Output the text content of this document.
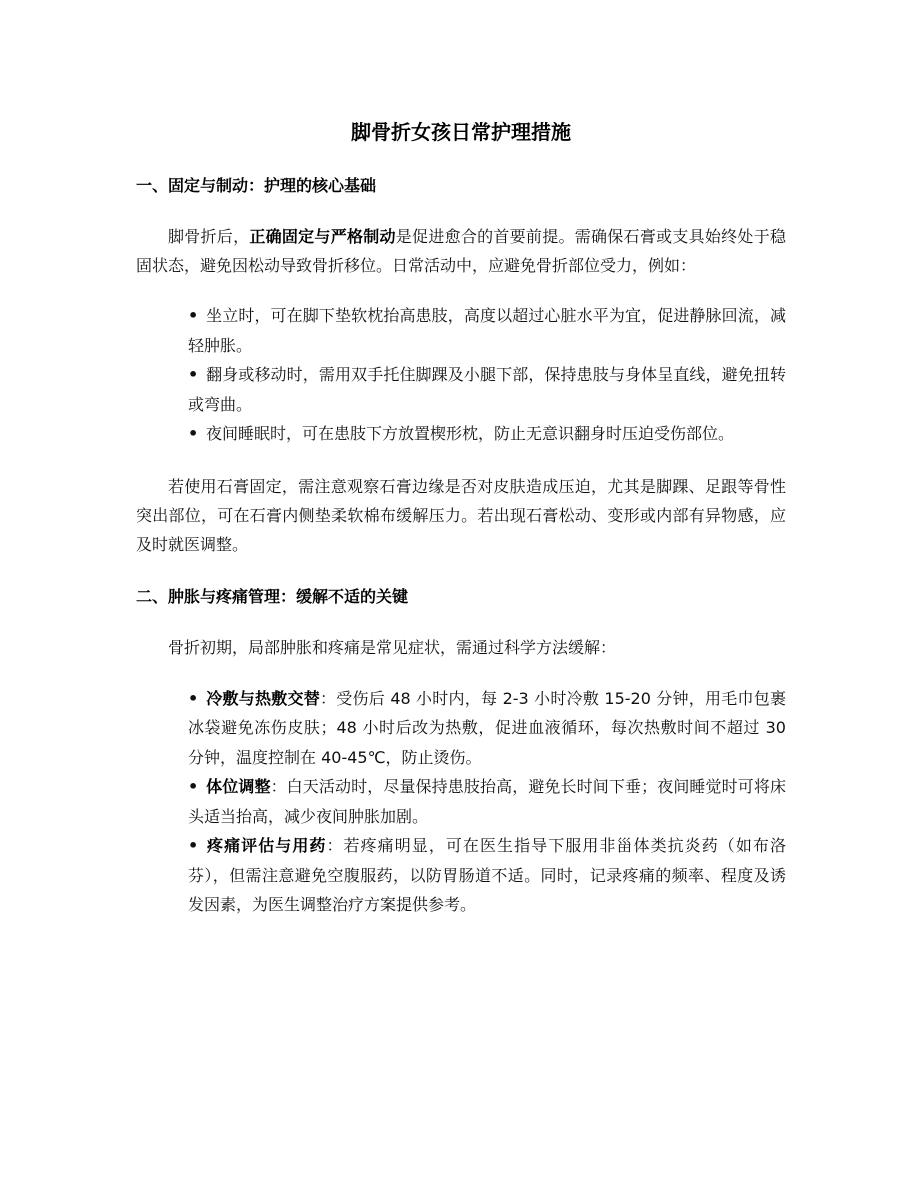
脚骨折女孩日常护理措施
一、固定与制动：护理的核心基础

脚骨折后，正确固定与严格制动是促进愈合的首要前提。需确保石膏或支具始终处于稳固状态，避免因松动导致骨折移位。日常活动中，应避免骨折部位受力，例如：

• 坐立时，可在脚下垫软枕抬高患肢，高度以超过心脏水平为宜，促进静脉回流，减轻肿胀。
• 翻身或移动时，需用双手托住脚踝及小腿下部，保持患肢与身体呈直线，避免扭转或弯曲。
• 夜间睡眠时，可在患肢下方放置楔形枕，防止无意识翻身时压迫受伤部位。

若使用石膏固定，需注意观察石膏边缘是否对皮肤造成压迫，尤其是脚踝、足跟等骨性突出部位，可在石膏内侧垫柔软棉布缓解压力。若出现石膏松动、变形或内部有异物感，应及时就医调整。

二、肿胀与疼痛管理：缓解不适的关键

骨折初期，局部肿胀和疼痛是常见症状，需通过科学方法缓解：

• 冷敷与热敷交替：受伤后 48 小时内，每 2-3 小时冷敷 15-20 分钟，用毛巾包裹冰袋避免冻伤皮肤；48 小时后改为热敷，促进血液循环，每次热敷时间不超过 30 分钟，温度控制在 40-45℃，防止烫伤。
• 体位调整：白天活动时，尽量保持患肢抬高，避免长时间下垂；夜间睡觉时可将床头适当抬高，减少夜间肿胀加剧。
• 疼痛评估与用药：若疼痛明显，可在医生指导下服用非甾体类抗炎药（如布洛芬），但需注意避免空腹服药，以防胃肠道不适。同时，记录疼痛的频率、程度及诱发因素，为医生调整治疗方案提供参考。
